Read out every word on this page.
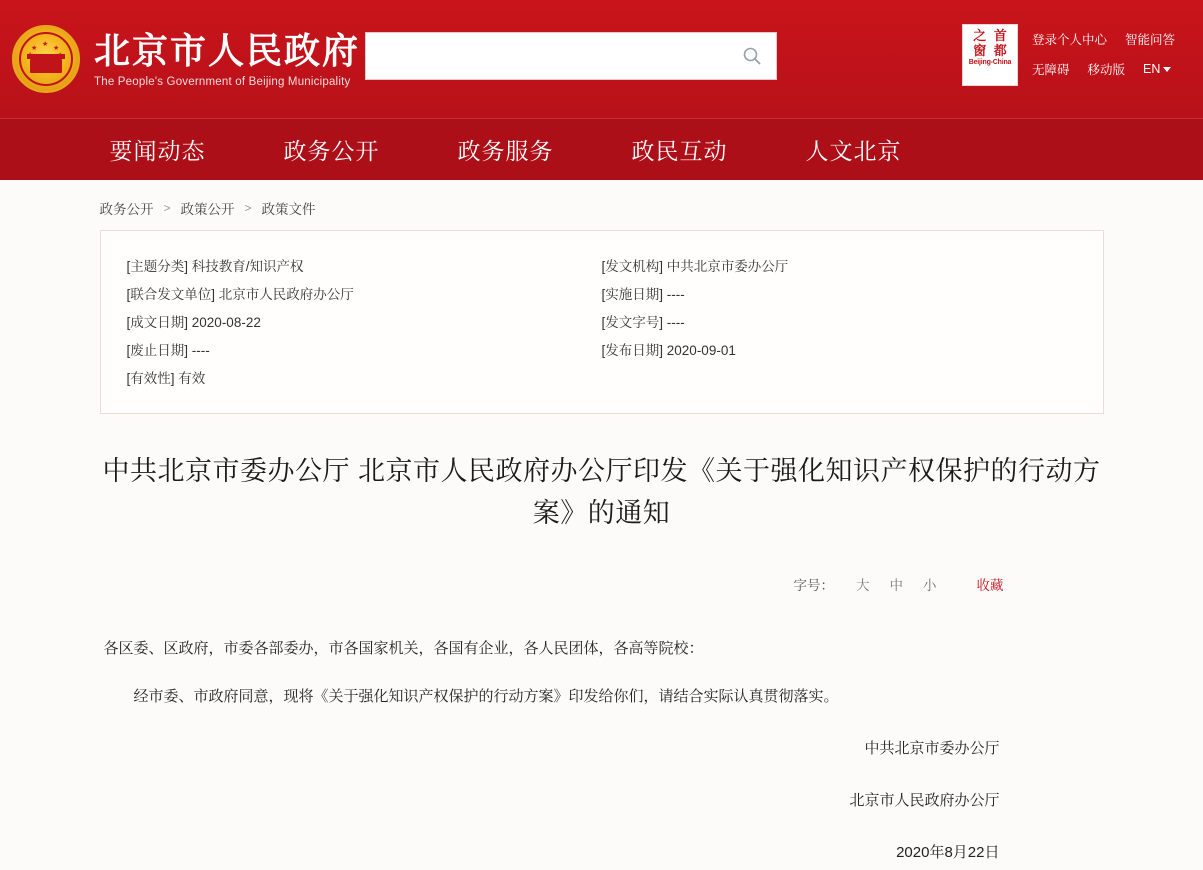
★
★ ★ 北京市人民政府
The People's Government of Beijing Municipality
之 首
窗 都
Beijing-China
登录个人中心 智能问答
无障碍 移动版 EN
要闻动态	政务公开	政务服务	政民互动	人文北京
政务公开 > 政策公开 > 政策文件
[主题分类] 科技教育/知识产权
[联合发文单位] 北京市人民政府办公厅
[成文日期] 2020-08-22
[废止日期] ----
[有效性] 有效
[发文机构] 中共北京市委办公厅
[实施日期] ----
[发文字号] ----
[发布日期] 2020-09-01
中共北京市委办公厅 北京市人民政府办公厅印发《关于强化知识产权保护的行动方案》的通知
字号： 大 中 小	收藏

各区委、区政府，市委各部委办，市各国家机关，各国有企业，各人民团体，各高等院校：

经市委、市政府同意，现将《关于强化知识产权保护的行动方案》印发给你们，请结合实际认真贯彻落实。

中共北京市委办公厅
北京市人民政府办公厅
2020年8月22日
